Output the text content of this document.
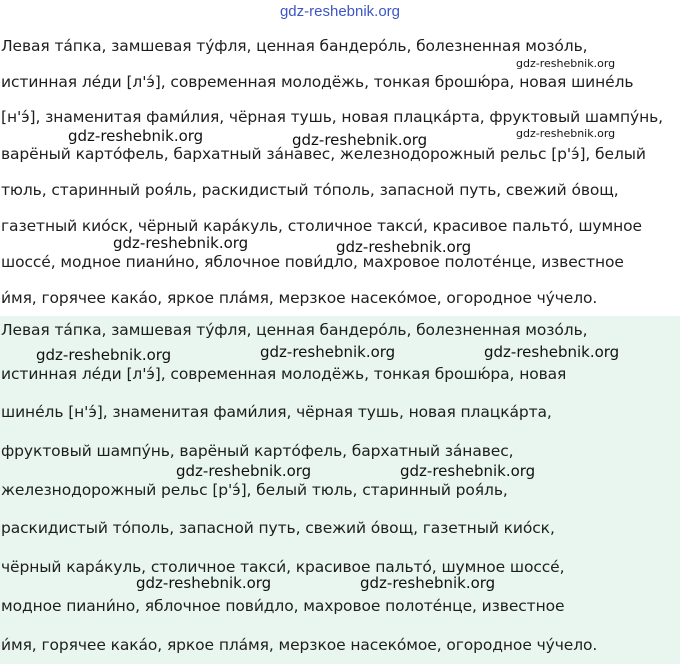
gdz-reshebnik.org
Левая та́пка, замшевая ту́фля, ценная бандеро́ль, болезненная мозо́ль,
истинная ле́ди [л'э́], современная молодёжь, тонкая брошю́ра, новая шине́ль
[н'э́], знаменитая фами́лия, чёрная тушь, новая плацка́рта, фруктовый шампу́нь,
варёный карто́фель, бархатный за́навес, железнодорожный рельс [р'э́], белый
тюль, старинный роя́ль, раскидистый то́поль, запасной путь, свежий о́вощ,
газетный кио́ск, чёрный кара́куль, столичное такси́, красивое пальто́, шумное
шоссе́, модное пиани́но, яблочное пови́дло, махровое полоте́нце, известное
и́мя, горячее кака́о, яркое пла́мя, мерзкое насеко́мое, огородное чу́чело.
gdz-reshebnik.org
gdz-reshebnik.org	gdz-reshebnik.org	gdz-reshebnik.org
gdz-reshebnik.org	gdz-reshebnik.org
Левая та́пка, замшевая ту́фля, ценная бандеро́ль, болезненная мозо́ль,
истинная ле́ди [л'э́], современная молодёжь, тонкая брошю́ра, новая
шине́ль [н'э́], знаменитая фами́лия, чёрная тушь, новая плацка́рта,
фруктовый шампу́нь, варёный карто́фель, бархатный за́навес,
железнодорожный рельс [р'э́], белый тюль, старинный роя́ль,
раскидистый то́поль, запасной путь, свежий о́вощ, газетный кио́ск,
чёрный кара́куль, столичное такси́, красивое пальто́, шумное шоссе́,
модное пиани́но, яблочное пови́дло, махровое полоте́нце, известное
и́мя, горячее кака́о, яркое пла́мя, мерзкое насеко́мое, огородное чу́чело.
gdz-reshebnik.org	gdz-reshebnik.org	gdz-reshebnik.org
gdz-reshebnik.org	gdz-reshebnik.org
gdz-reshebnik.org	gdz-reshebnik.org
